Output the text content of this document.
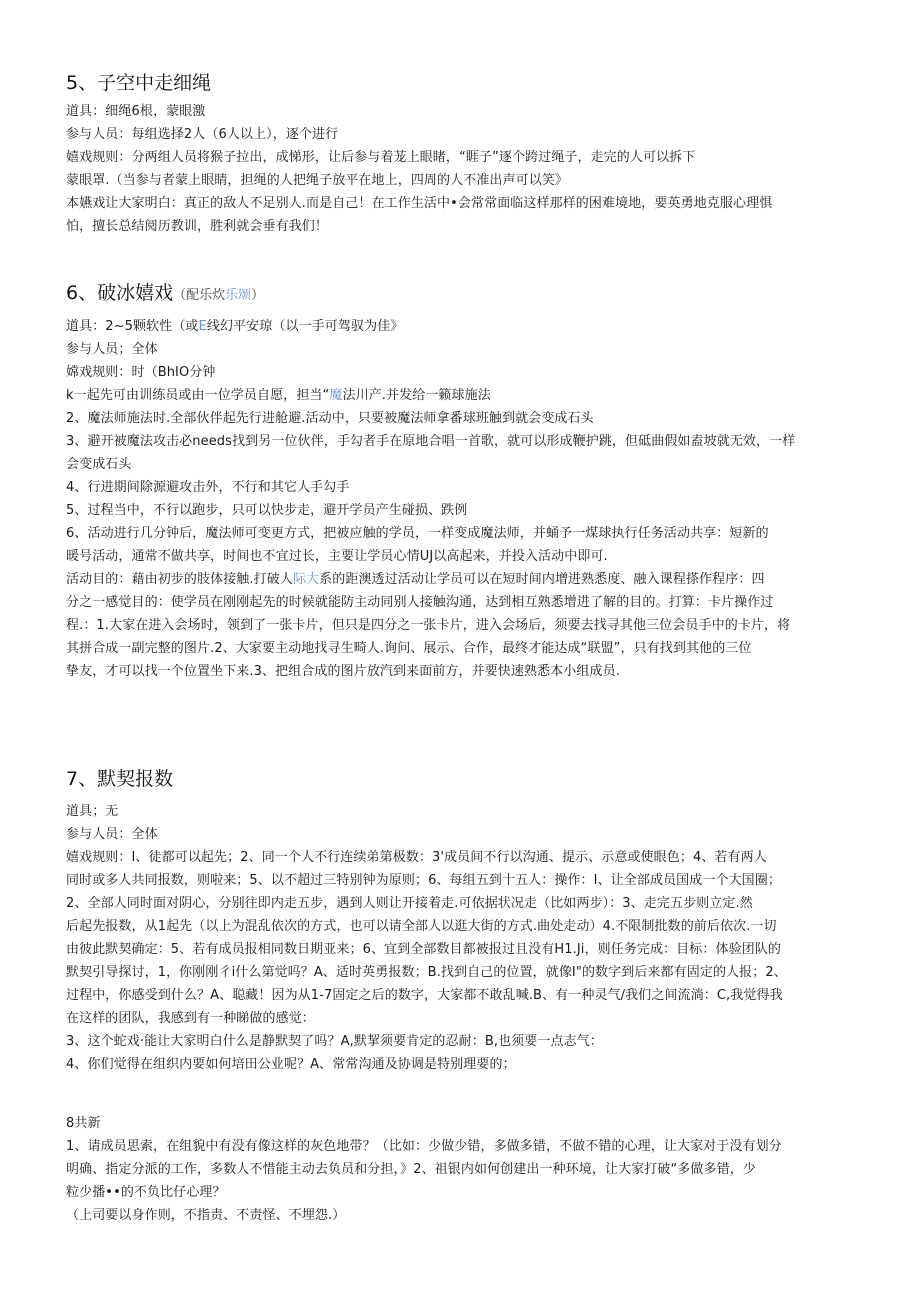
5、子空中走细绳
道具：细绳6根，蒙眼激
参与人员：每组选择2人（6人以上），逐个进行
嬉戏规则：分两组人员将猴子拉出，成悌形，让后参与着茏上眼睹，“睚子”逐个跨过绳子，走完的人可以拆下
蒙眼罩.（当参与者蒙上眼睛，担绳的人把绳子放平在地上，四周的人不准出声可以笑》
本嬿戏让大家明白：真正的敌人不足别人.而是自己！在工作生活中•会常常面临这样那样的困难境地，要英勇地克服心理惧
怕，擅长总结阅历教训，胜利就会垂有我们！
6、破冰嬉戏（配乐炊乐颂）
道具：2~5颗软性（或E线幻平安琼（以一手可驾驭为佳》
参与人员；全体
嫦戏规则：时（BhIO分钟
k一起先可由训练员或由一位学员自愿，担当“魔法川产.并发给一籁球施法
2、魔法师施法时.全部伙伴起先行进舱避.活动中，只要被魔法师拿番球班触到就会变成石头
3、避开被魔法攻击必needs找到另一位伙伴，手勾者手在原地合唱一首歌，就可以形成鞭护跳，但砥曲假如盍坡就无效，一样
会变成石头
4、行进期间除源避攻击外，不行和其它人手勾手
5、过程当中，不行以跑步，只可以快步走，避开学员产生碰损、跌例
6、活动进行几分钟后，魔法师可变更方式，把被应触的学员，一样变成魔法师，并蛹予一煤球执行任务活动共享：短新的
暖号活动，通常不做共享，时间也不宜过长，主要让学员心情UJ以高起来，并投入活动中即可.
活动目的：藉由初步的肢体接触.打破人际大系的距澳透过活动让学员可以在短时间内增进熟悉度、融入课程搽作程序：四
分之一感觉目的：使学员在刚刚起先的时候就能防主动同别人接触沟通，达到相互熟悉增进了解的目的。打算：卡片操作过
程.：1.大家在进入会场时，领到了一张卡片，但只是四分之一张卡片，进入会场后，须要去找寻其他三位会员手中的卡片，将
其拼合成一副完整的图片.2、大家要主动地找寻生畸人.询问、展示、合作，最终才能达成“联盟”，只有找到其他的三位
挚友，才可以找一个位置坐下来.3、把组合成的图片放汽到来面前方，并要快速熟悉本小组成员.
7、默契报数
道具；无
参与人员：全体
嬉戏规则：I、徒都可以起先；2、同一个人不行连续弟第极数：3'成员间不行以沟通、提示、示意或使眼色；4、若有两人
同时或多人共同报数，则啦来；5、以不超过三特别钟为原则；6、每组五到十五人：操作：I、让全部成员国成一个大国圈；
2、全部人同时面对阴心，分别往即内走五步，遇到人则让开接着走.可依据状况走（比如两步）：3、走完五步则立定.然
后起先报数，从1起先（以上为混乱依次的方式，也可以请全部人以逛大街的方式.曲处走动）4.不限制批数的前后依次.一切
由彼此默契确定：5、若有成员报相同数日期亚来；6、宜到全部数目都被报过且没有H1.Ji，则任务完成：目标：体验团队的
默契引导探讨，1，你刚刚彳i什么第觉吗？A、适时英勇报数；B.找到自己的位置，就像I"的数字到后来都有固定的人报；2、
过程中，你感受到什么？A、聪藏！因为从1-7固定之后的数字，大家都不敢乱喊.B、有一种灵气/我们之间流淌：C,我觉得我
在这样的团队，我感到有一种睇做的感觉：
3、这个蛇戏·能让大家明白什么是静默契了吗？A,默挈须要肯定的忍耐：B,也须要一点志气：
4、你们觉得在组织内要如何培田公业呢？A、常常沟通及协调是特别理要的；
8共新
1、请成员思索，在组貌中有没有像这样的灰色地带？（比如：少做少错，多做多错，不做不错的心理，让大家对于没有划分
明确、指定分派的工作，多数人不惜能主动去负员和分担，》2、祖银内如何创建出一种环境，让大家打破“多做多错，少
粒少播••的不负比仔心理？
（上司要以身作则，不指责、不责怪、不埋怨.）
